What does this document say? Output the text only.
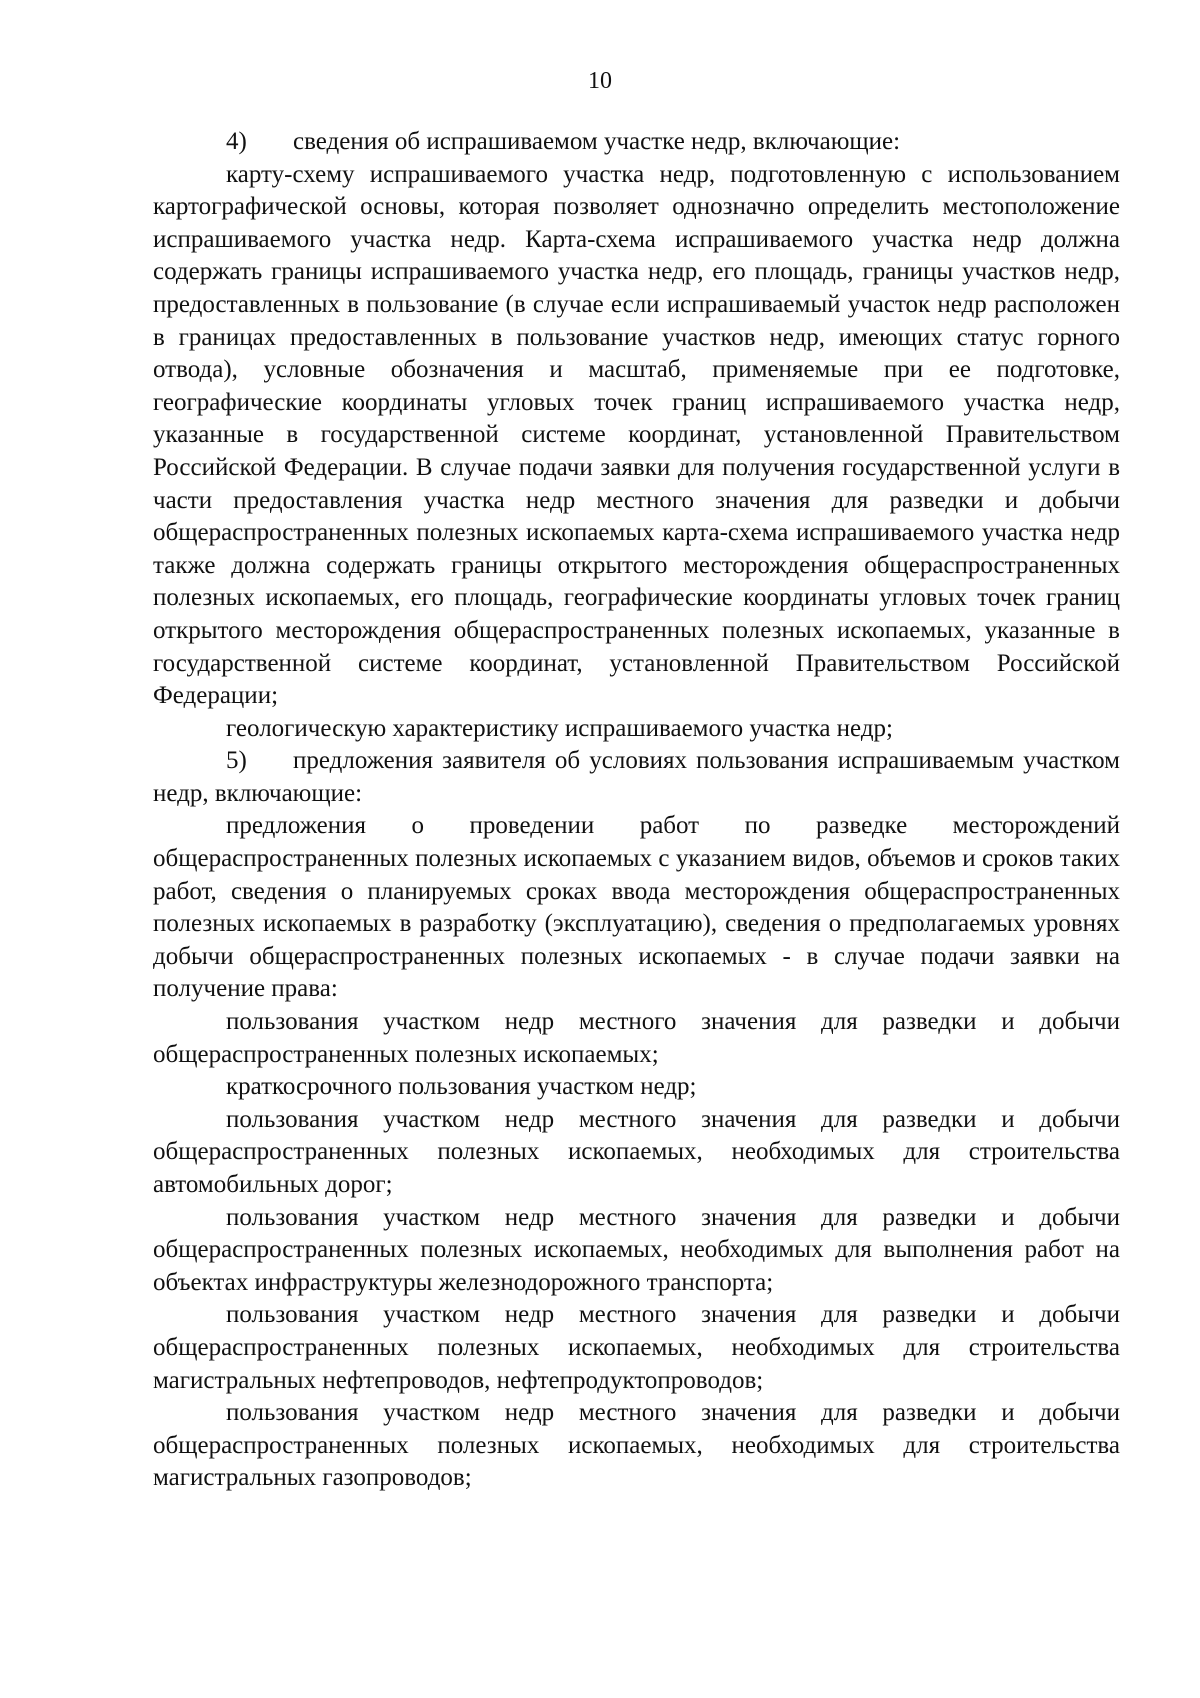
10

4) сведения об испрашиваемом участке недр, включающие:

карту-схему испрашиваемого участка недр, подготовленную с использованием картографической основы, которая позволяет однозначно определить местоположение испрашиваемого участка недр. Карта-схема испрашиваемого участка недр должна содержать границы испрашиваемого участка недр, его площадь, границы участков недр, предоставленных в пользование (в случае если испрашиваемый участок недр расположен в границах предоставленных в пользование участков недр, имеющих статус горного отвода), условные обозначения и масштаб, применяемые при ее подготовке, географические координаты угловых точек границ испрашиваемого участка недр, указанные в государственной системе координат, установленной Правительством Российской Федерации. В случае подачи заявки для получения государственной услуги в части предоставления участка недр местного значения для разведки и добычи общераспространенных полезных ископаемых карта-схема испрашиваемого участка недр также должна содержать границы открытого месторождения общераспространенных полезных ископаемых, его площадь, географические координаты угловых точек границ открытого месторождения общераспространенных полезных ископаемых, указанные в государственной системе координат, установленной Правительством Российской Федерации;

геологическую характеристику испрашиваемого участка недр;

5) предложения заявителя об условиях пользования испрашиваемым участком недр, включающие:

предложения о проведении работ по разведке месторождений общераспространенных полезных ископаемых с указанием видов, объемов и сроков таких работ, сведения о планируемых сроках ввода месторождения общераспространенных полезных ископаемых в разработку (эксплуатацию), сведения о предполагаемых уровнях добычи общераспространенных полезных ископаемых - в случае подачи заявки на получение права:

пользования участком недр местного значения для разведки и добычи общераспространенных полезных ископаемых;

краткосрочного пользования участком недр;

пользования участком недр местного значения для разведки и добычи общераспространенных полезных ископаемых, необходимых для строительства автомобильных дорог;

пользования участком недр местного значения для разведки и добычи общераспространенных полезных ископаемых, необходимых для выполнения работ на объектах инфраструктуры железнодорожного транспорта;

пользования участком недр местного значения для разведки и добычи общераспространенных полезных ископаемых, необходимых для строительства магистральных нефтепроводов, нефтепродуктопроводов;

пользования участком недр местного значения для разведки и добычи общераспространенных полезных ископаемых, необходимых для строительства магистральных газопроводов;
